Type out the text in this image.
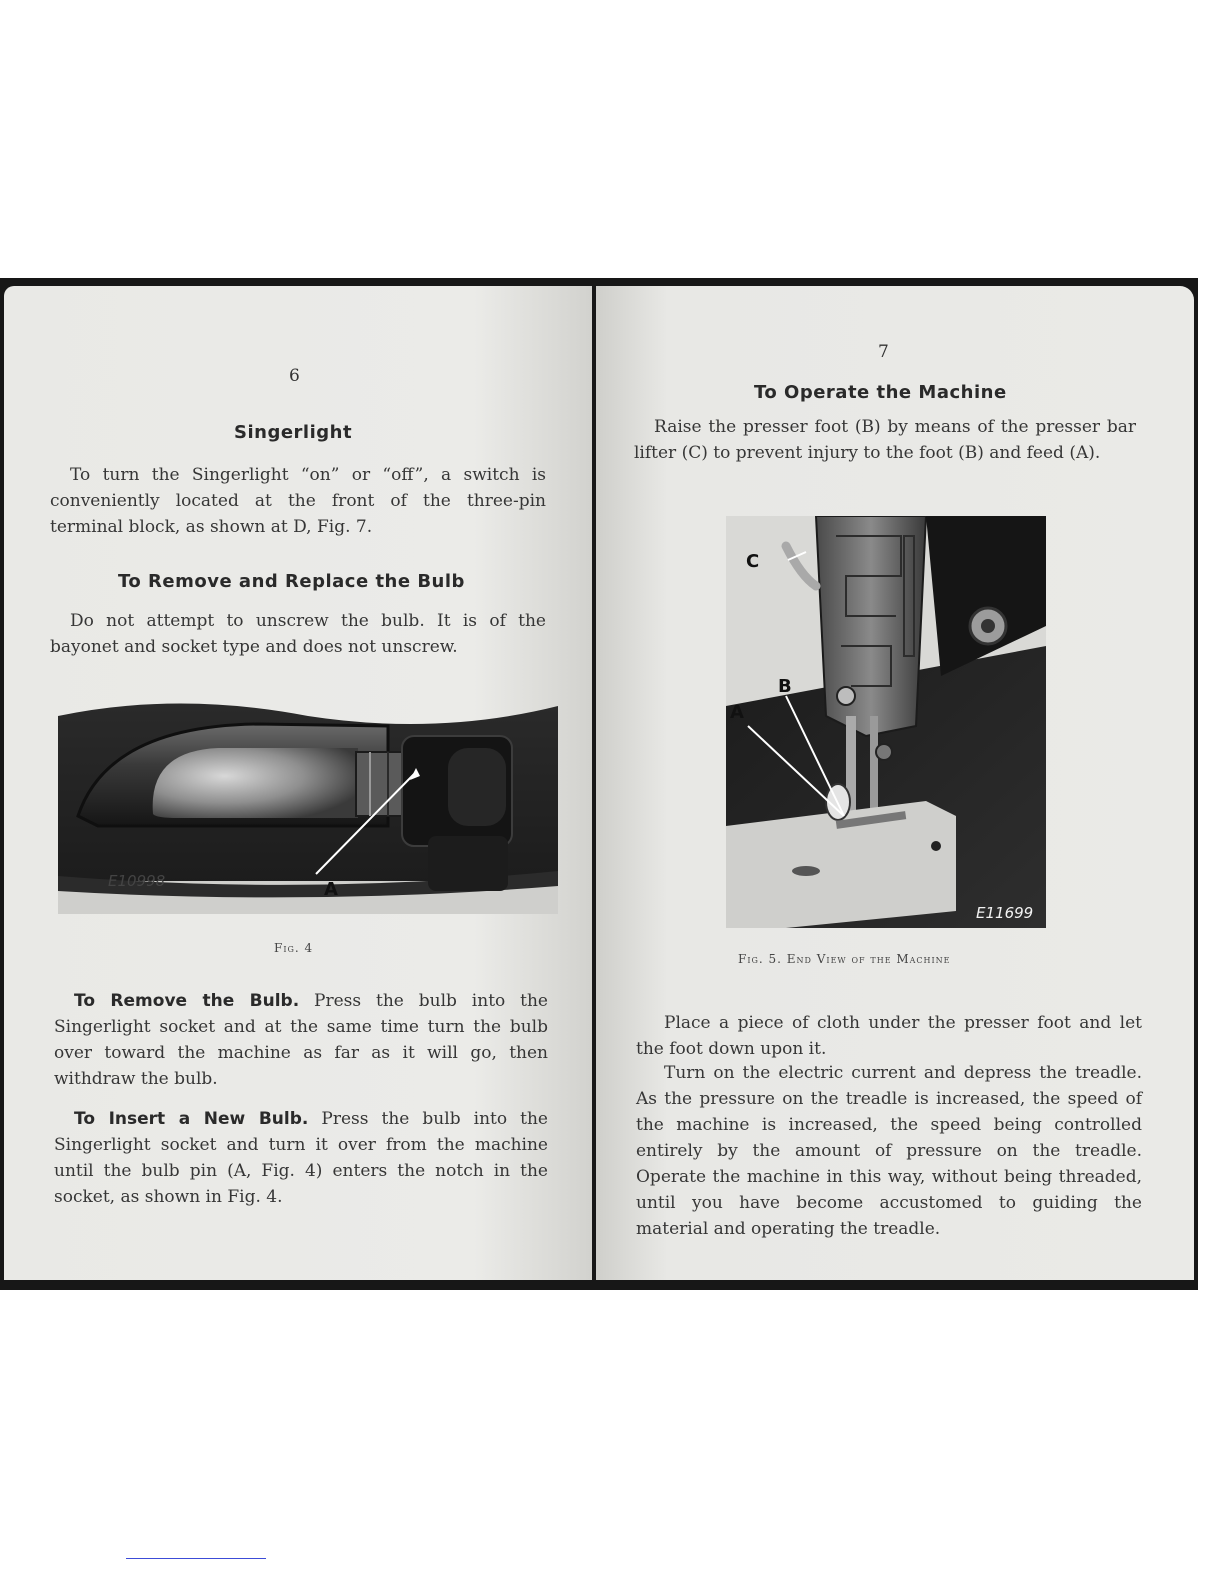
6
Singerlight

To turn the Singerlight “on” or “off”, a switch is conveniently located at the front of the three-pin terminal block, as shown at D, Fig. 7.

To Remove and Replace the Bulb

Do not attempt to unscrew the bulb. It is of the bayonet and socket type and does not unscrew.

E10998	A
Fig. 4

To Remove the Bulb. Press the bulb into the Singerlight socket and at the same time turn the bulb over toward the machine as far as it will go, then withdraw the bulb.

To Insert a New Bulb. Press the bulb into the Singerlight socket and turn it over from the machine until the bulb pin (A, Fig. 4) enters the notch in the socket, as shown in Fig. 4.

7
To Operate the Machine

Raise the presser foot (B) by means of the presser bar lifter (C) to prevent injury to the foot (B) and feed (A).

C
B
A
E11699
Fig. 5. End View of the Machine

Place a piece of cloth under the presser foot and let the foot down upon it.

Turn on the electric current and depress the treadle. As the pressure on the treadle is increased, the speed of the machine is increased, the speed being controlled entirely by the amount of pressure on the treadle. Operate the machine in this way, without being threaded, until you have become accustomed to guiding the material and operating the treadle.
